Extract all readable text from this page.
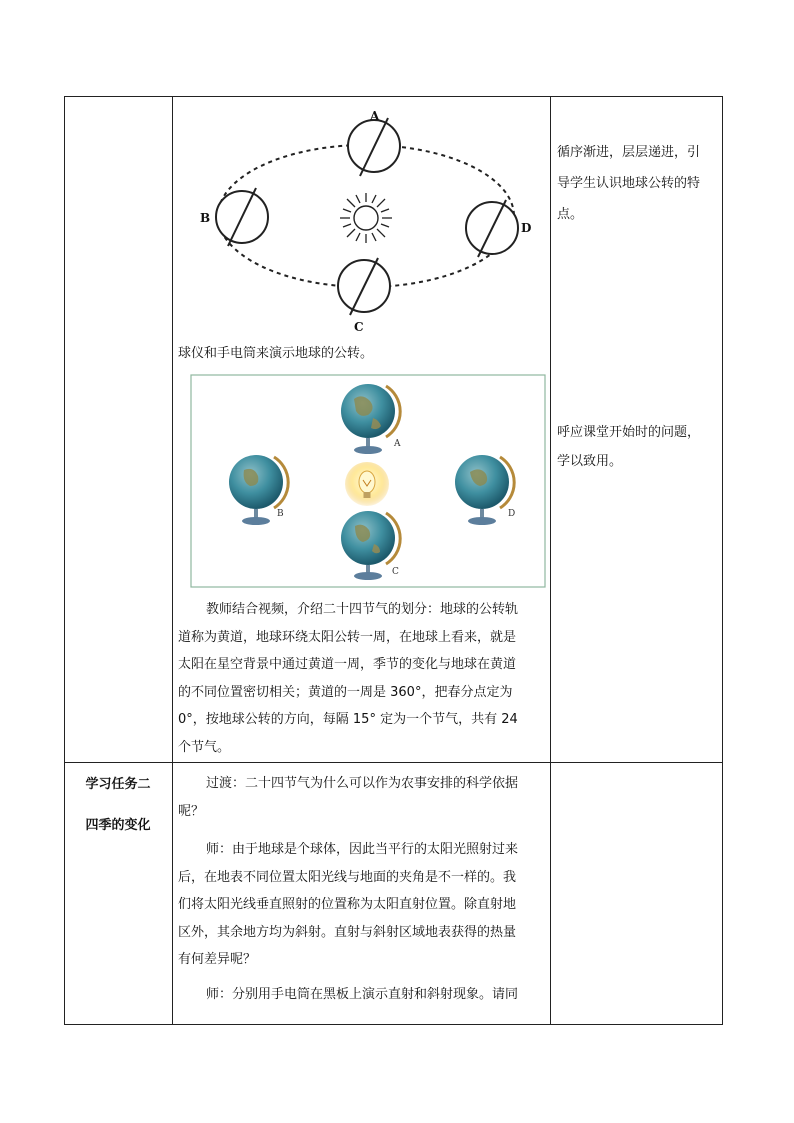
A
B
C
D
球仪和手电筒来演示地球的公转。
A
B
C
D
教师结合视频，介绍二十四节气的划分：地球的公转轨
道称为黄道，地球环绕太阳公转一周，在地球上看来，就是
太阳在星空背景中通过黄道一周，季节的变化与地球在黄道
的不同位置密切相关；黄道的一周是 360°，把春分点定为
0°，按地球公转的方向，每隔 15° 定为一个节气，共有 24
个节气。
循序渐进，层层递进，引
导学生认识地球公转的特
点。
呼应课堂开始时的问题，
学以致用。
学习任务二
四季的变化
过渡：二十四节气为什么可以作为农事安排的科学依据
呢？
师：由于地球是个球体，因此当平行的太阳光照射过来
后，在地表不同位置太阳光线与地面的夹角是不一样的。我
们将太阳光线垂直照射的位置称为太阳直射位置。除直射地
区外，其余地方均为斜射。直射与斜射区域地表获得的热量
有何差异呢？
师：分别用手电筒在黑板上演示直射和斜射现象。请同
